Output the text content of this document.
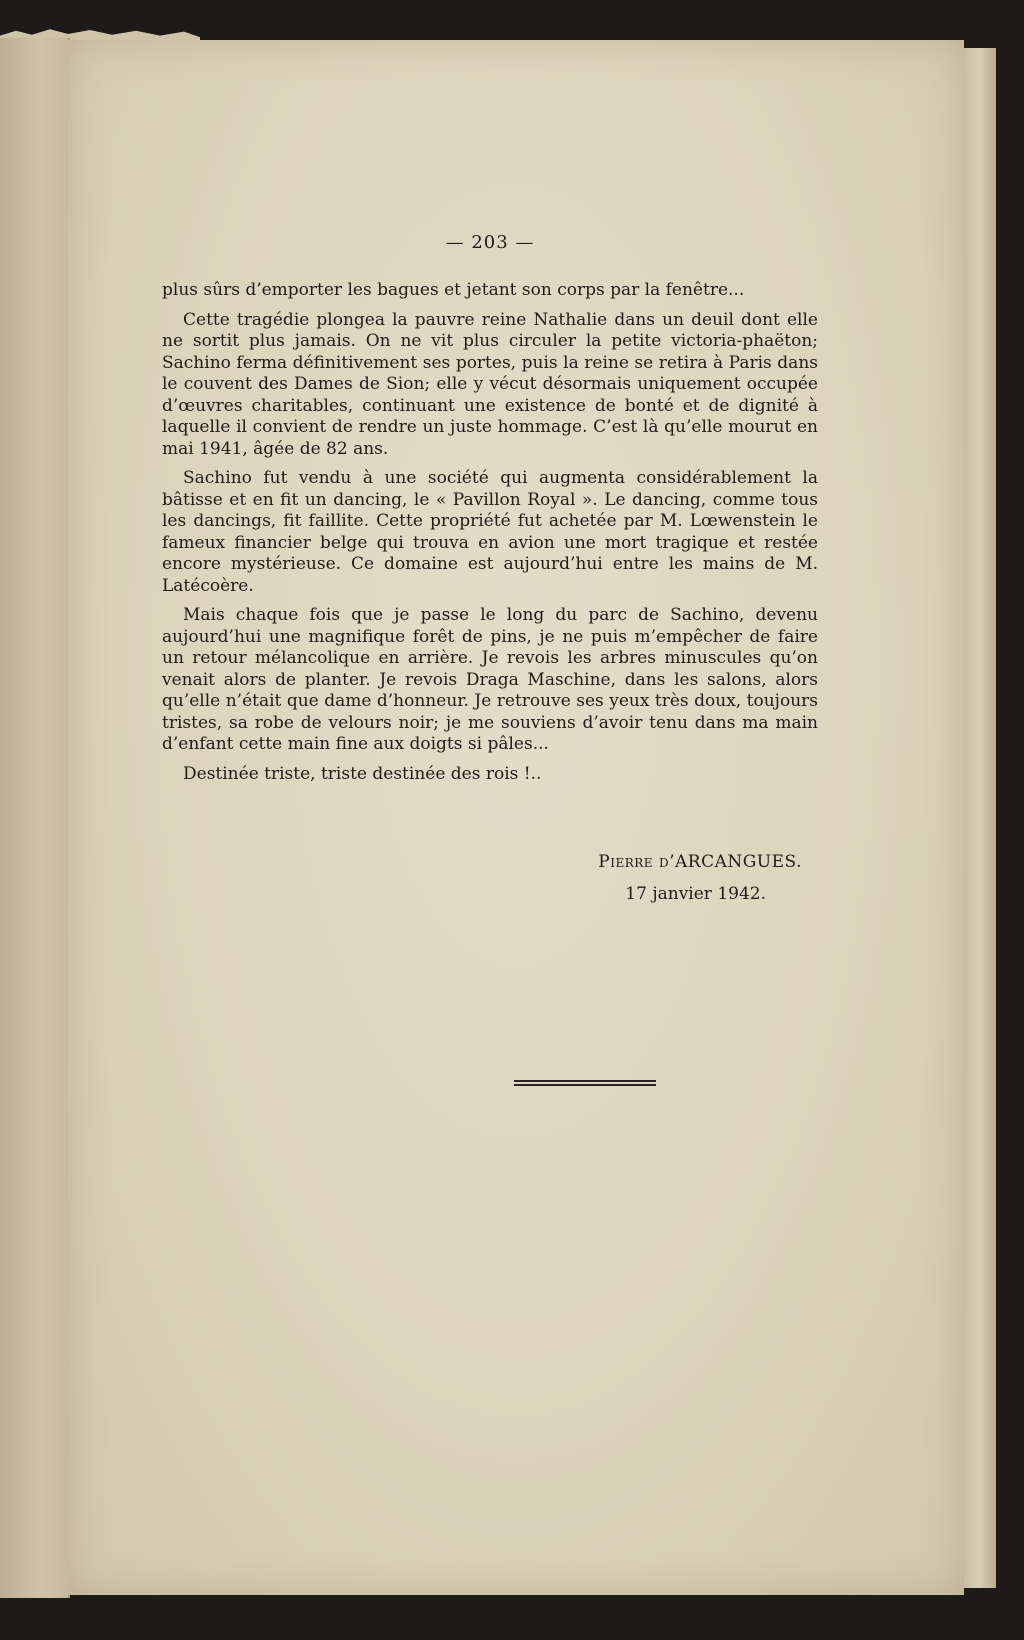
— 203 —

plus sûrs d’emporter les bagues et jetant son corps par la fenêtre...

Cette tragédie plongea la pauvre reine Nathalie dans un deuil dont elle ne sortit plus jamais. On ne vit plus circuler la petite victoria-phaëton; Sachino ferma définitivement ses portes, puis la reine se retira à Paris dans le couvent des Dames de Sion; elle y vécut désormais uniquement occupée d’œuvres charitables, continuant une existence de bonté et de dignité à laquelle il convient de rendre un juste hommage. C’est là qu’elle mourut en mai 1941, âgée de 82 ans.

Sachino fut vendu à une société qui augmenta considérablement la bâtisse et en fit un dancing, le « Pavillon Royal ». Le dancing, comme tous les dancings, fit faillite. Cette propriété fut achetée par M. Lœwenstein le fameux financier belge qui trouva en avion une mort tragique et restée encore mystérieuse. Ce domaine est aujourd’hui entre les mains de M. Latécoère.

Mais chaque fois que je passe le long du parc de Sachino, devenu aujourd’hui une magnifique forêt de pins, je ne puis m’empêcher de faire un retour mélancolique en arrière. Je revois les arbres minuscules qu’on venait alors de planter. Je revois Draga Maschine, dans les salons, alors qu’elle n’était que dame d’honneur. Je retrouve ses yeux très doux, toujours tristes, sa robe de velours noir; je me souviens d’avoir tenu dans ma main d’enfant cette main fine aux doigts si pâles...

Destinée triste, triste destinée des rois !..

Pierre d’ARCANGUES.
17 janvier 1942.
